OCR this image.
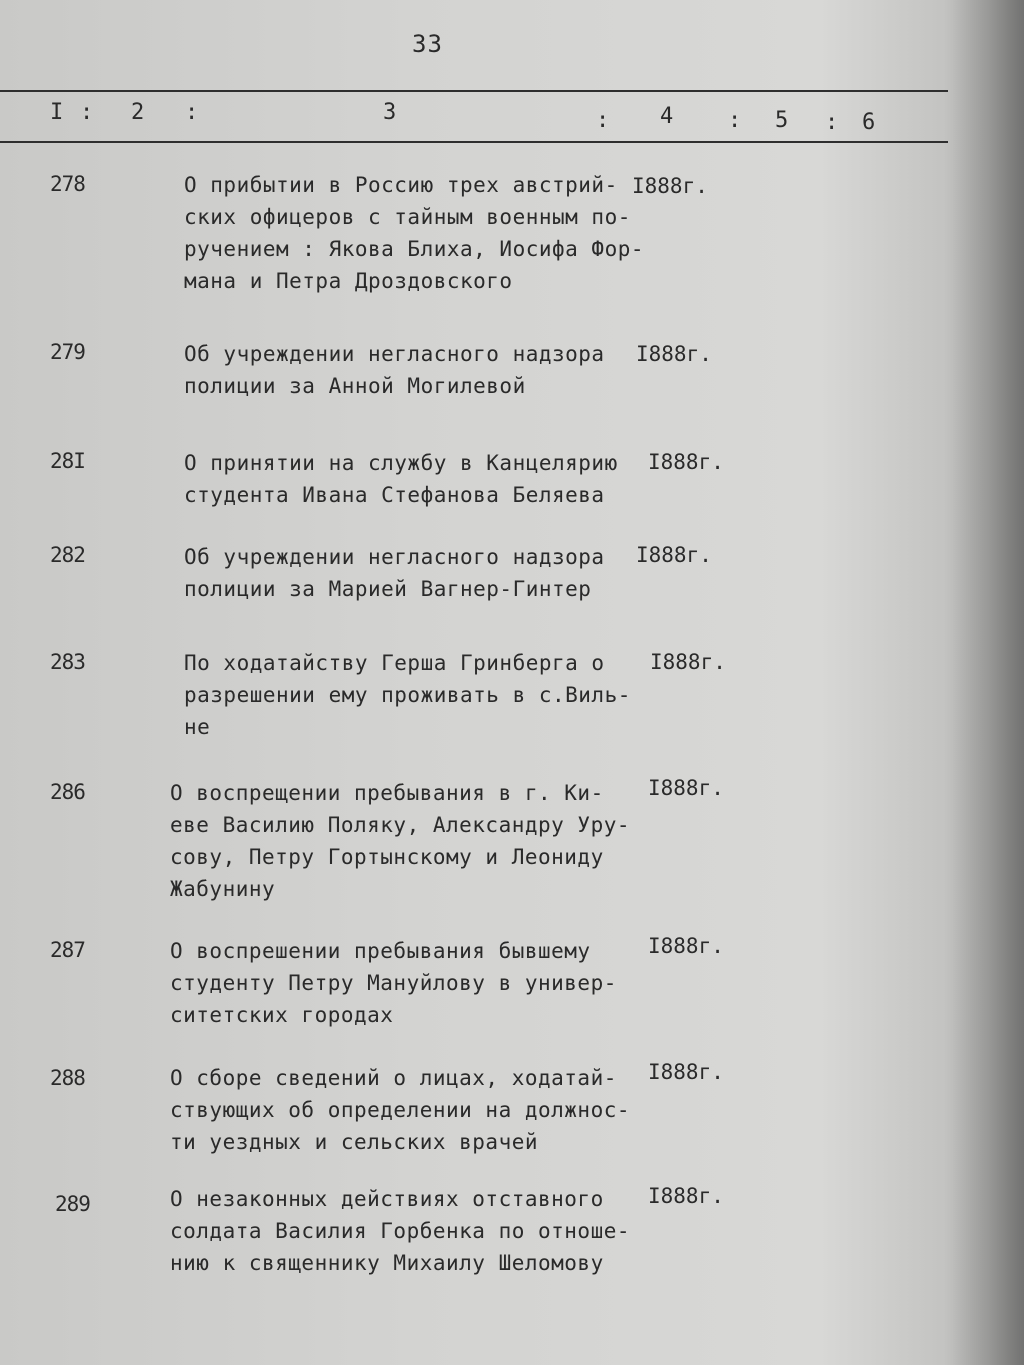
33
I : 2 :	3	: 4 : 5 : 6
278	О прибытии в Россию трех австрий-
ских офицеров с тайным военным по-
ручением : Якова Блиха, Иосифа Фор-
мана и Петра Дроздовского
I888г.
279	Об учреждении негласного надзора
полиции за Анной Могилевой
I888г.
28I	О принятии на службу в Канцелярию
студента Ивана Стефанова Беляева
I888г.
282	Об учреждении негласного надзора
полиции за Марией Вагнер-Гинтер
I888г.
283	По ходатайству Герша Гринберга о
разрешении ему проживать в с.Виль-
не
I888г.
286	О воспрещении пребывания в г. Ки-
еве Василию Поляку, Александру Уру-
сову, Петру Гортынскому и Леониду
Жабунину
I888г.
287	О воспрешении пребывания бывшему
студенту Петру Мануйлову в универ-
ситетских городах
I888г.
288	О сборе сведений о лицах, ходатай-
ствующих об определении на должнос-
ти уездных и сельских врачей
I888г.
289	О незаконных действиях отставного
солдата Василия Горбенка по отноше-
нию к священнику Михаилу Шеломову
I888г.
